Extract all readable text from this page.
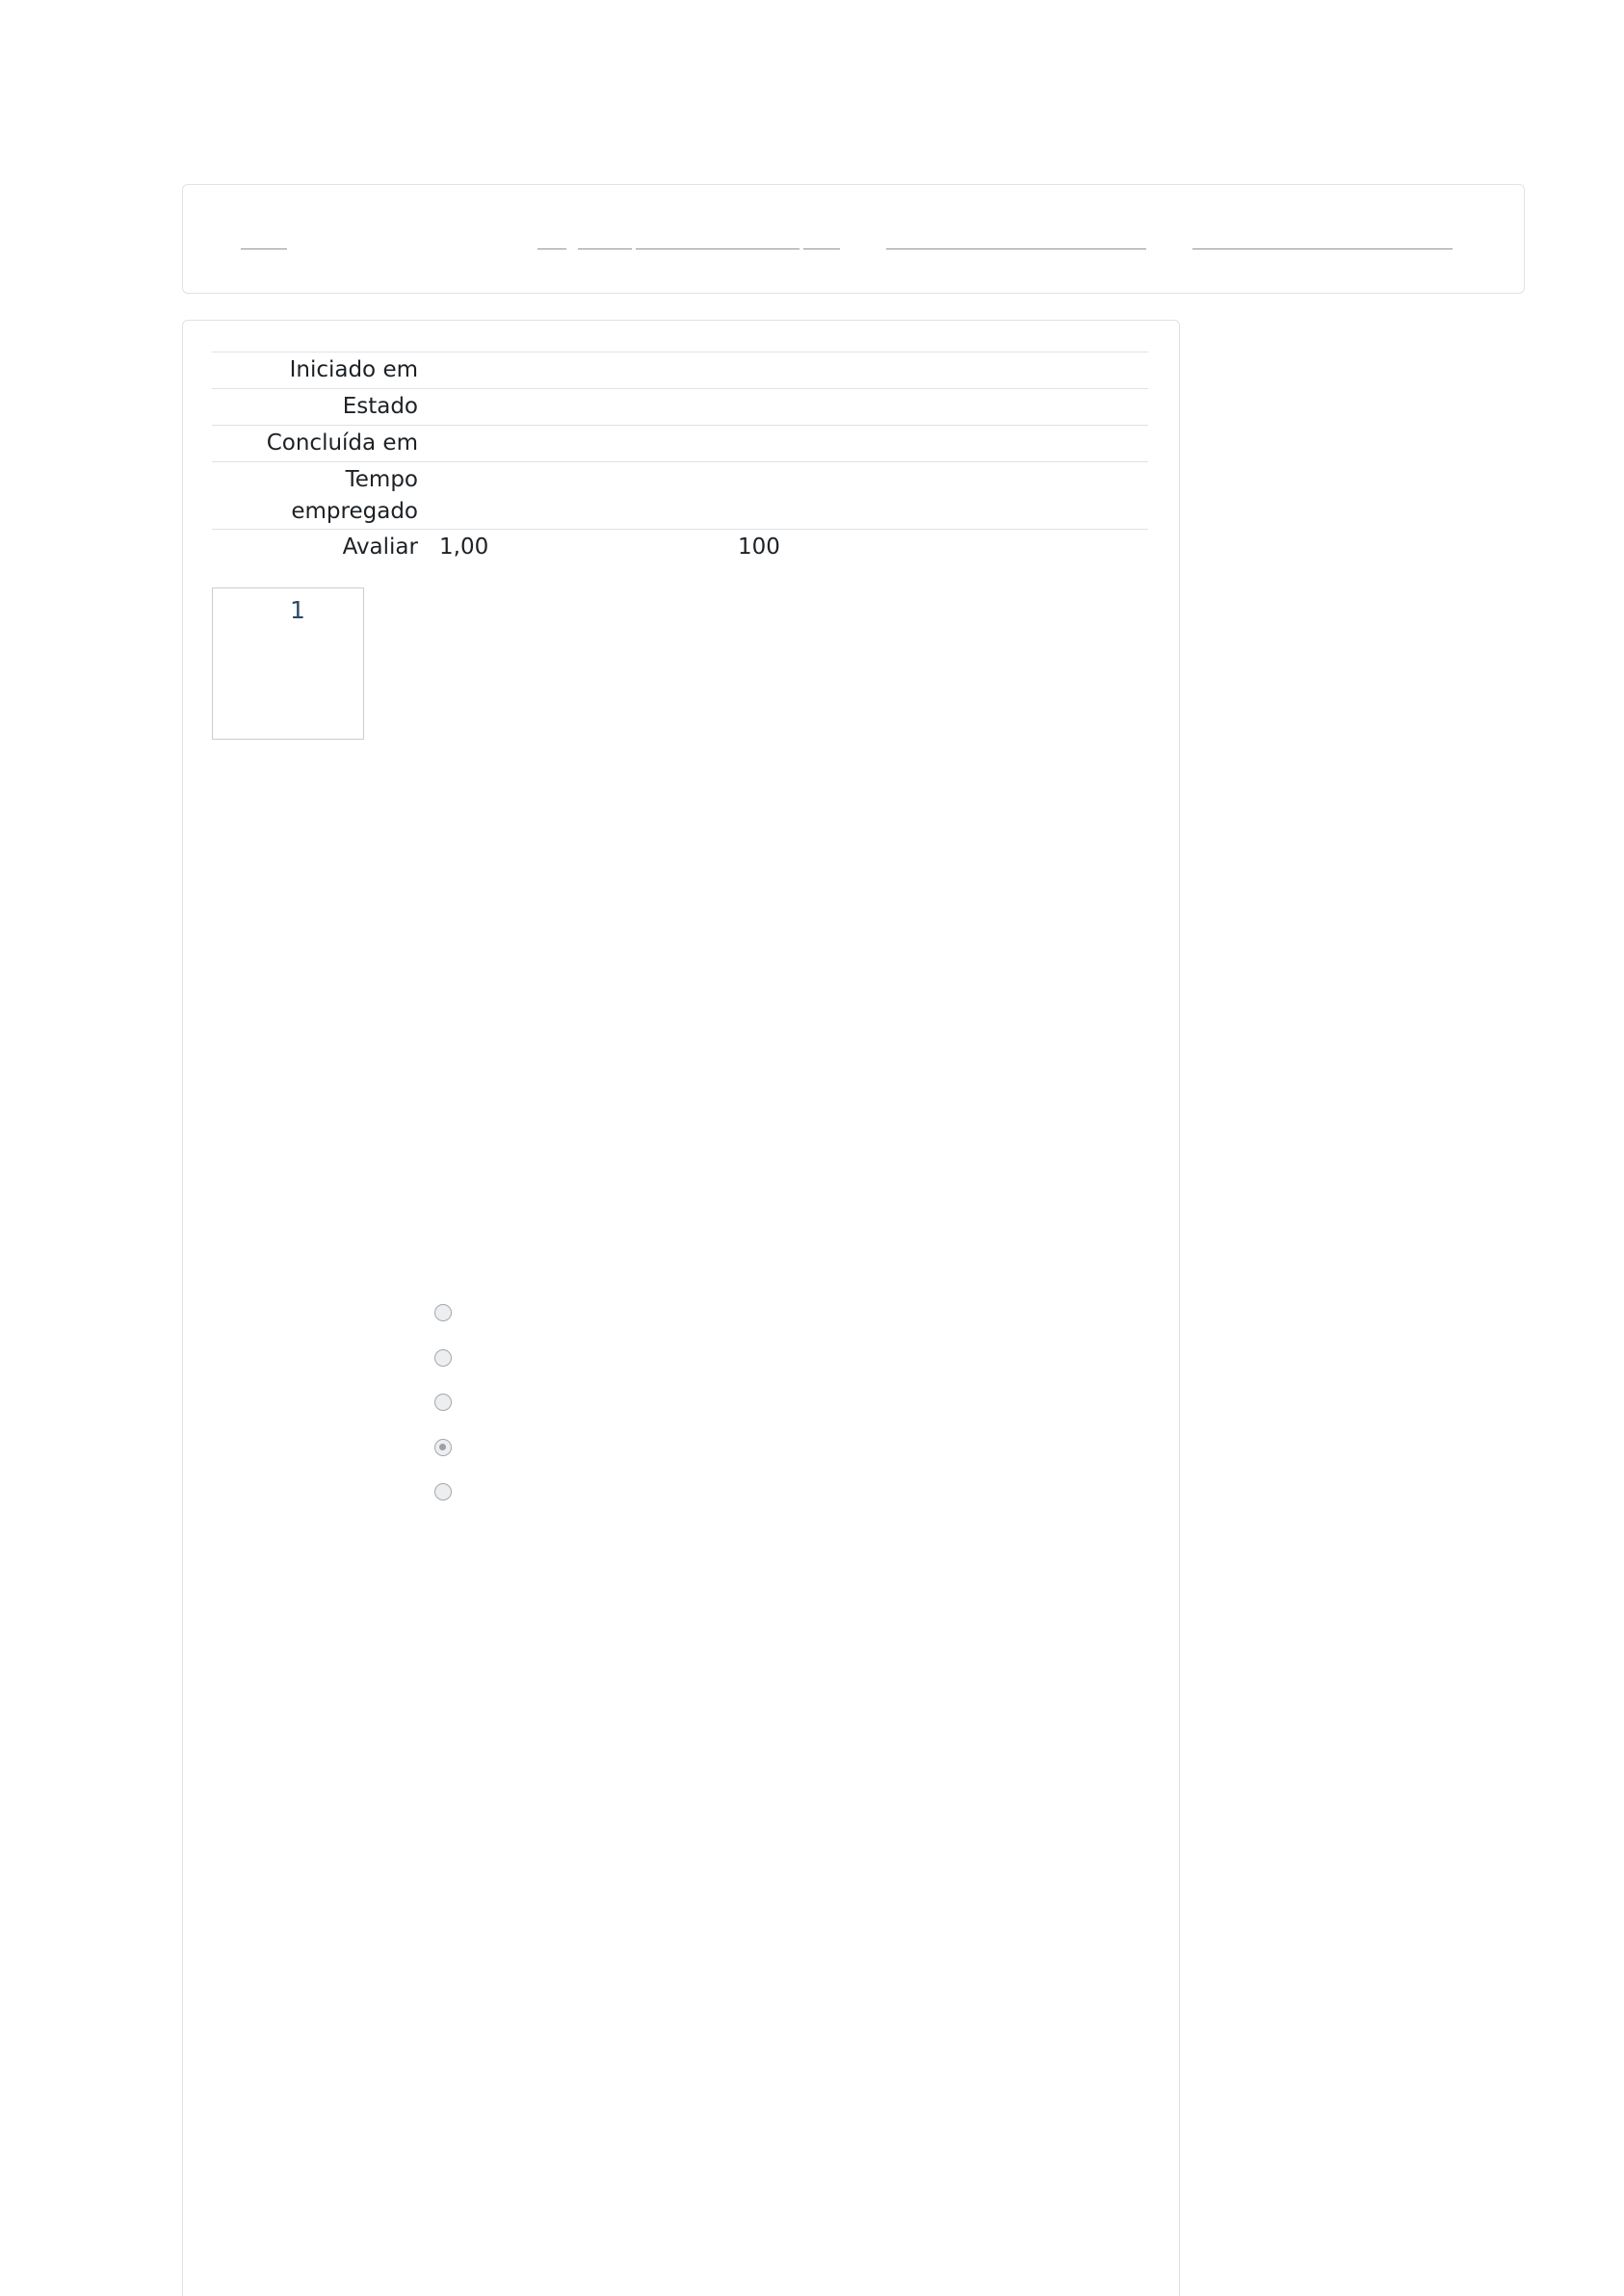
Iniciado em
Estado
Concluída em
Tempo empregado
Avaliar 1,00	100
1
